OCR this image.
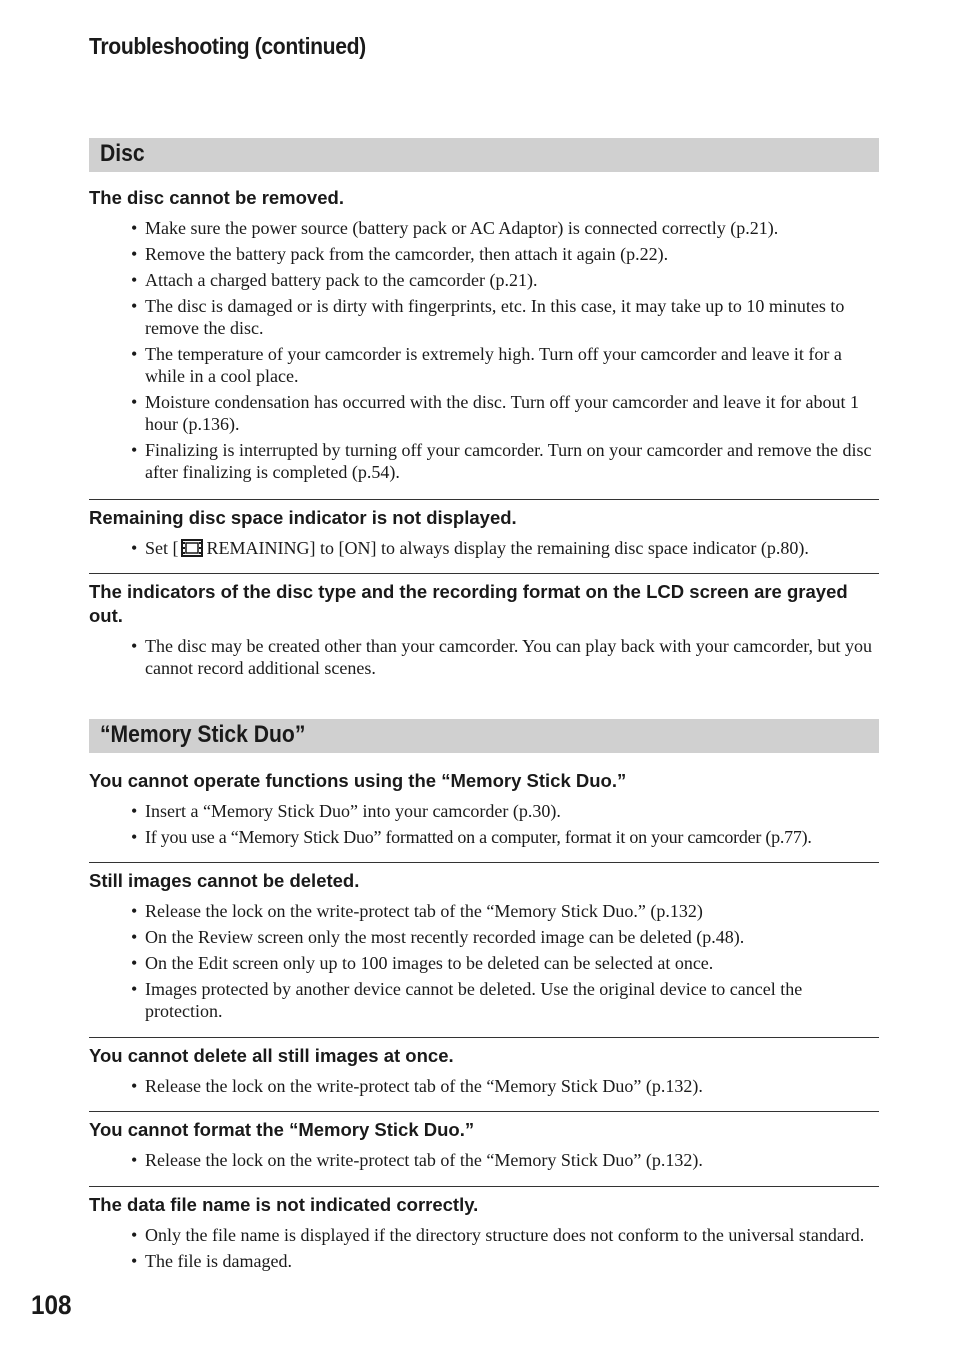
Troubleshooting (continued)
Disc

The disc cannot be removed.

• Make sure the power source (battery pack or AC Adaptor) is connected correctly (p.21).
• Remove the battery pack from the camcorder, then attach it again (p.22).
• Attach a charged battery pack to the camcorder (p.21).
• The disc is damaged or is dirty with fingerprints, etc. In this case, it may take up to 10 minutes to remove the disc.
• The temperature of your camcorder is extremely high. Turn off your camcorder and leave it for a while in a cool place.
• Moisture condensation has occurred with the disc. Turn off your camcorder and leave it for about 1 hour (p.136).
• Finalizing is interrupted by turning off your camcorder. Turn on your camcorder and remove the disc after finalizing is completed (p.54).

Remaining disc space indicator is not displayed.

• Set [ REMAINING] to [ON] to always display the remaining disc space indicator (p.80).

The indicators of the disc type and the recording format on the LCD screen are grayed out.

• The disc may be created other than your camcorder. You can play back with your camcorder, but you cannot record additional scenes.
“Memory Stick Duo”

You cannot operate functions using the “Memory Stick Duo.”

• Insert a “Memory Stick Duo” into your camcorder (p.30).
• If you use a “Memory Stick Duo” formatted on a computer, format it on your camcorder (p.77).

Still images cannot be deleted.

• Release the lock on the write-protect tab of the “Memory Stick Duo.” (p.132)
• On the Review screen only the most recently recorded image can be deleted (p.48).
• On the Edit screen only up to 100 images to be deleted can be selected at once.
• Images protected by another device cannot be deleted. Use the original device to cancel the protection.

You cannot delete all still images at once.

• Release the lock on the write-protect tab of the “Memory Stick Duo” (p.132).

You cannot format the “Memory Stick Duo.”

• Release the lock on the write-protect tab of the “Memory Stick Duo” (p.132).

The data file name is not indicated correctly.

• Only the file name is displayed if the directory structure does not conform to the universal standard.
• The file is damaged.
108
